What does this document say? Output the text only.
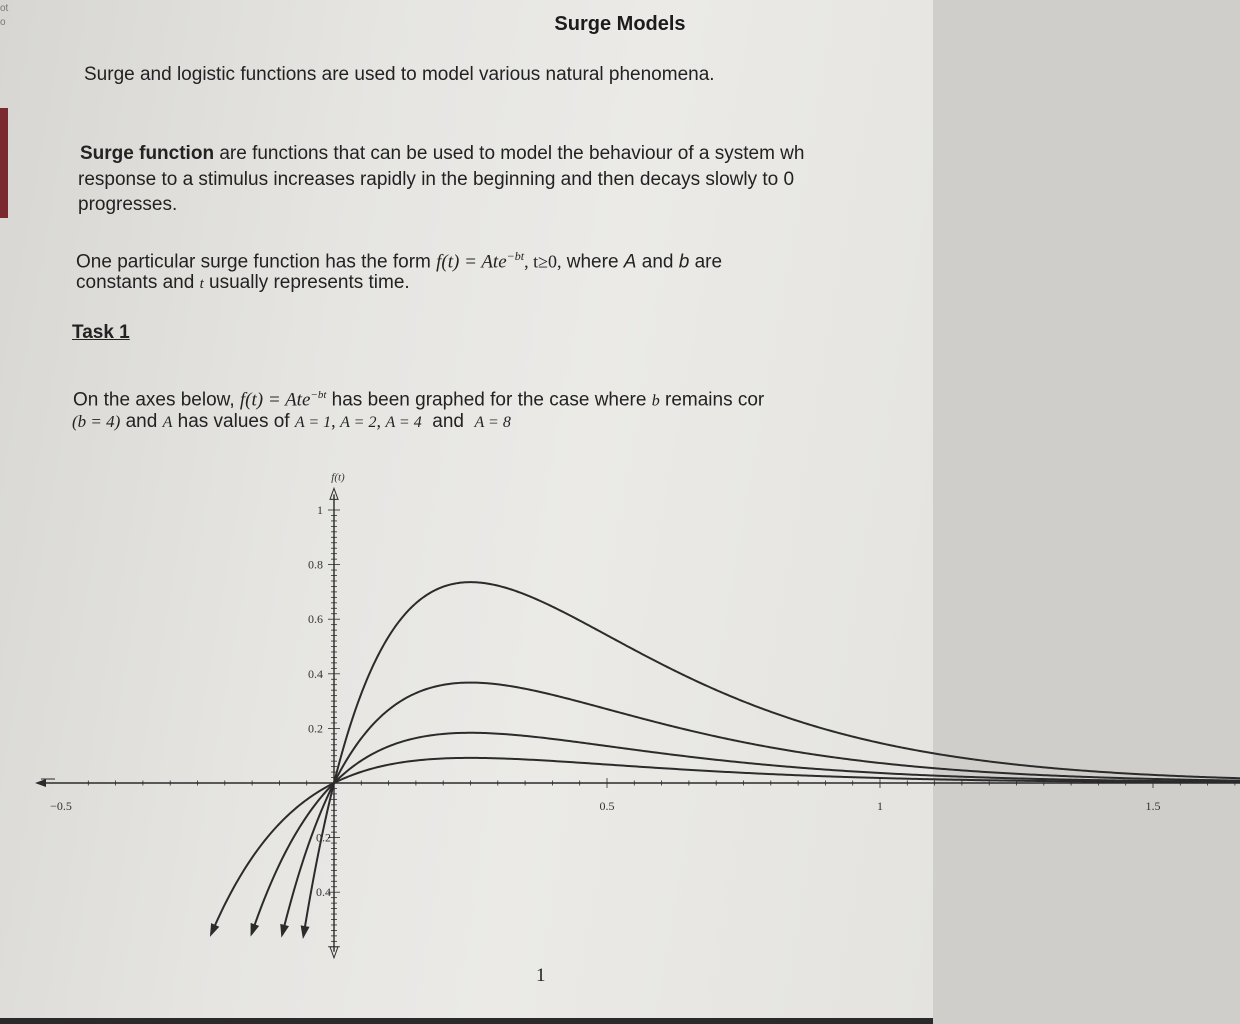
ot
o	Surge Models
Surge and logistic functions are used to model various natural phenomena.
Surge function are functions that can be used to model the behaviour of a system wh
response to a stimulus increases rapidly in the beginning and then decays slowly to 0
progresses.
One particular surge function has the form f(t) = Ate$^{-bt}$, t≥0, where A and b are
constants and t usually represents time.
Task 1
On the axes below, f(t) = Ate$^{-bt}$ has been graphed for the case where b remains cor
(b = 4) and A has values of A = 1, A = 2, A = 4 and A = 8
−0.5	0.5	1	1.5
0.2
0.4
0.6
0.8
1
0.2
0.4
f(t)
1
